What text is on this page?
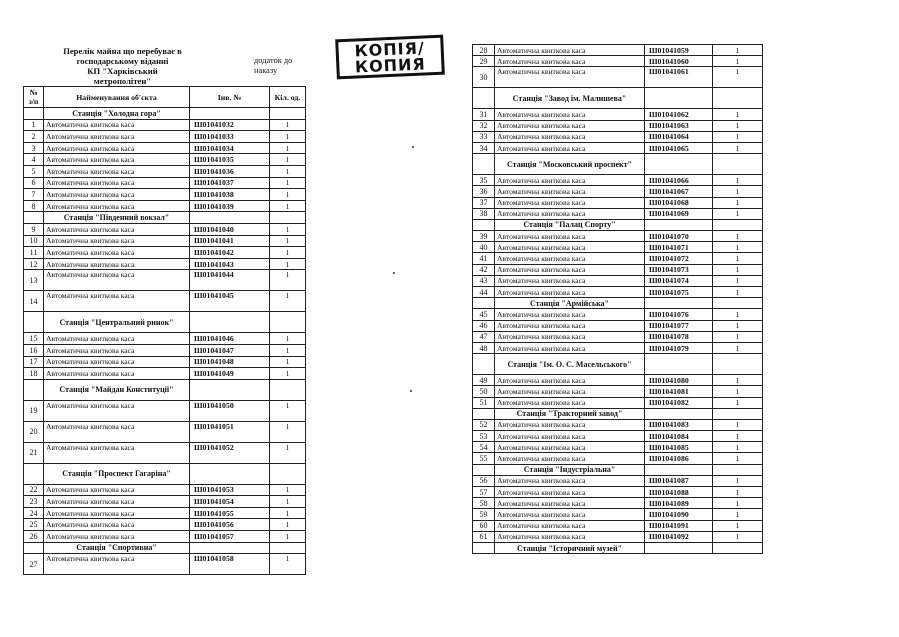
Перелік майна що перебуває в
господарському віданні
КП "Харківський
метрополітен"
додаток до
наказу
КОПІЯ/
КОПИЯ
№ з/п	Найменування об'єкта	Інв. №	Кіл. од.
	Станція "Холодна гора"		
1	Автоматична квиткова каса	Ш01041032	1
2	Автоматична квиткова каса	Ш01041033	1
3	Автоматична квиткова каса	Ш01041034	1
4	Автоматична квиткова каса	Ш01041035	1
5	Автоматична квиткова каса	Ш01041036	1
6	Автоматична квиткова каса	Ш01041037	1
7	Автоматична квиткова каса	Ш01041038	1
8	Автоматична квиткова каса	Ш01041039	1
	Станція "Південний вокзал"		
9	Автоматична квиткова каса	Ш01041040	1
10	Автоматична квиткова каса	Ш01041041	1
11	Автоматична квиткова каса	Ш01041042	1
12	Автоматична квиткова каса	Ш01041043	1
13	Автоматична квиткова каса	Ш01041044	1
14	Автоматична квиткова каса	Ш01041045	1
	Станція "Центральний ринок"		
15	Автоматична квиткова каса	Ш01041046	1
16	Автоматична квиткова каса	Ш01041047	1
17	Автоматична квиткова каса	Ш01041048	1
18	Автоматична квиткова каса	Ш01041049	1
	Станція "Майдан Конституції"		
19	Автоматична квиткова каса	Ш01041050	1
20	Автоматична квиткова каса	Ш01041051	1
21	Автоматична квиткова каса	Ш01041052	1
	Станція "Проспект Гагаріна"		
22	Автоматична квиткова каса	Ш01041053	1
23	Автоматична квиткова каса	Ш01041054	1
24	Автоматична квиткова каса	Ш01041055	1
25	Автоматична квиткова каса	Ш01041056	1
26	Автоматична квиткова каса	Ш01041057	1
	Станція "Спортивна"		
27	Автоматична квиткова каса	Ш01041058	1
28	Автоматична квиткова каса	Ш01041059	1
29	Автоматична квиткова каса	Ш01041060	1
30	Автоматична квиткова каса	Ш01041061	1
	Станція "Завод ім. Малишева"		
31	Автоматична квиткова каса	Ш01041062	1
32	Автоматична квиткова каса	Ш01041063	1
33	Автоматична квиткова каса	Ш01041064	1
34	Автоматична квиткова каса	Ш01041065	1
	Станція "Московський проспект"		
35	Автоматична квиткова каса	Ш01041066	1
36	Автоматична квиткова каса	Ш01041067	1
37	Автоматична квиткова каса	Ш01041068	1
38	Автоматична квиткова каса	Ш01041069	1
	Станція "Палац Спорту"		
39	Автоматична квиткова каса	Ш01041070	1
40	Автоматична квиткова каса	Ш01041071	1
41	Автоматична квиткова каса	Ш01041072	1
42	Автоматична квиткова каса	Ш01041073	1
43	Автоматична квиткова каса	Ш01041074	1
44	Автоматична квиткова каса	Ш01041075	1
	Станція "Армійська"		
45	Автоматична квиткова каса	Ш01041076	1
46	Автоматична квиткова каса	Ш01041077	1
47	Автоматична квиткова каса	Ш01041078	1
48	Автоматична квиткова каса	Ш01041079	1
	Станція "Ім. О. С. Масельського"		
49	Автоматична квиткова каса	Ш01041080	1
50	Автоматична квиткова каса	Ш01041081	1
51	Автоматична квиткова каса	Ш01041082	1
	Станція "Тракторний завод"		
52	Автоматична квиткова каса	Ш01041083	1
53	Автоматична квиткова каса	Ш01041084	1
54	Автоматична квиткова каса	Ш01041085	1
55	Автоматична квиткова каса	Ш01041086	1
	Станція "Індустріальна"		
56	Автоматична квиткова каса	Ш01041087	1
57	Автоматична квиткова каса	Ш01041088	1
58	Автоматична квиткова каса	Ш01041089	1
59	Автоматична квиткова каса	Ш01041090	1
60	Автоматична квиткова каса	Ш01041091	1
61	Автоматична квиткова каса	Ш01041092	1
	Станція "Історичний музей"		
